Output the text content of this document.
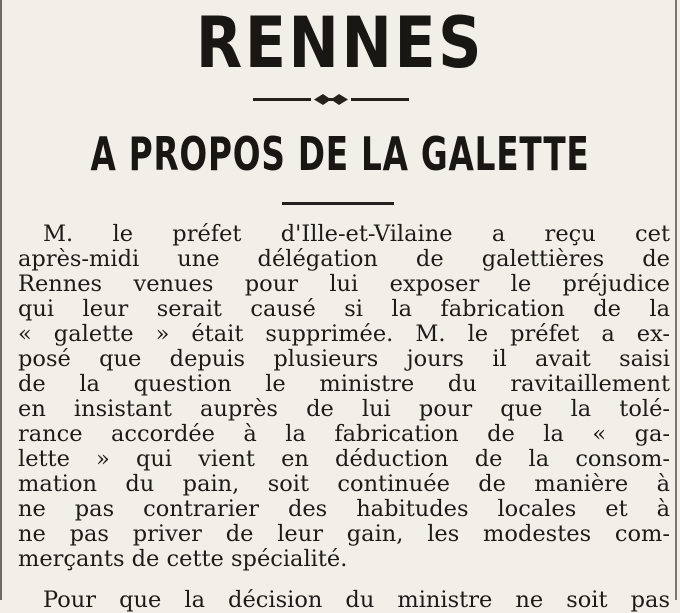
RENNES
A PROPOS DE LA GALETTE
M. le préfet d'Ille-et-Vilaine a reçu cet
après-midi une délégation de galettières de
Rennes venues pour lui exposer le préjudice
qui leur serait causé si la fabrication de la
« galette » était supprimée. M. le préfet a ex-
posé que depuis plusieurs jours il avait saisi
de la question le ministre du ravitaillement
en insistant auprès de lui pour que la tolé-
rance accordée à la fabrication de la « ga-
lette » qui vient en déduction de la consom-
mation du pain, soit continuée de manière à
ne pas contrarier des habitudes locales et à
ne pas priver de leur gain, les modestes com-
merçants de cette spécialité.
Pour que la décision du ministre ne soit pas
